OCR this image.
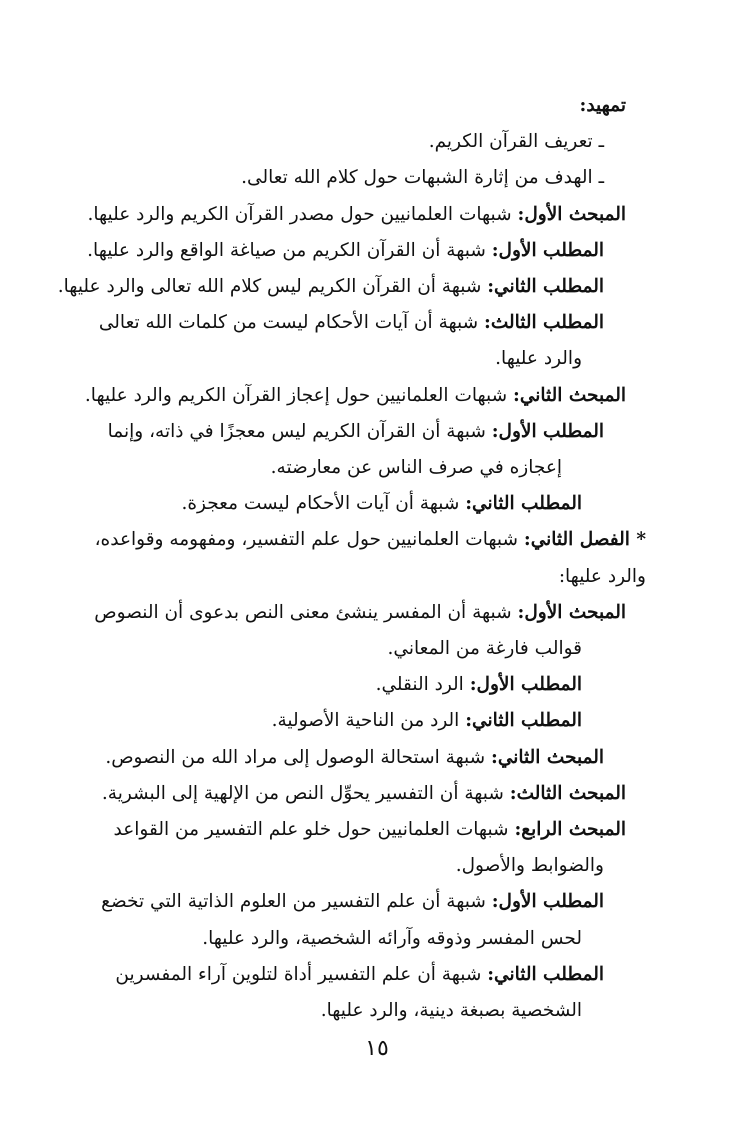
تمهيد:
ـ تعريف القرآن الكريم.
ـ الهدف من إثارة الشبهات حول كلام الله تعالى.
المبحث الأول: شبهات العلمانيين حول مصدر القرآن الكريم والرد عليها.
المطلب الأول: شبهة أن القرآن الكريم من صياغة الواقع والرد عليها.
المطلب الثاني: شبهة أن القرآن الكريم ليس كلام الله تعالى والرد عليها.
المطلب الثالث: شبهة أن آيات الأحكام ليست من كلمات الله تعالى
والرد عليها.
المبحث الثاني: شبهات العلمانيين حول إعجاز القرآن الكريم والرد عليها.
المطلب الأول: شبهة أن القرآن الكريم ليس معجزًا في ذاته، وإنما
إعجازه في صرف الناس عن معارضته.
المطلب الثاني: شبهة أن آيات الأحكام ليست معجزة.
* الفصل الثاني: شبهات العلمانيين حول علم التفسير، ومفهومه وقواعده،
والرد عليها:
المبحث الأول: شبهة أن المفسر ينشئ معنى النص بدعوى أن النصوص
قوالب فارغة من المعاني.
المطلب الأول: الرد النقلي.
المطلب الثاني: الرد من الناحية الأصولية.
المبحث الثاني: شبهة استحالة الوصول إلى مراد الله من النصوص.
المبحث الثالث: شبهة أن التفسير يحوِّل النص من الإلهية إلى البشرية.
المبحث الرابع: شبهات العلمانيين حول خلو علم التفسير من القواعد
والضوابط والأصول.
المطلب الأول: شبهة أن علم التفسير من العلوم الذاتية التي تخضع
لحس المفسر وذوقه وآرائه الشخصية، والرد عليها.
المطلب الثاني: شبهة أن علم التفسير أداة لتلوين آراء المفسرين
الشخصية بصبغة دينية، والرد عليها.
١٥
